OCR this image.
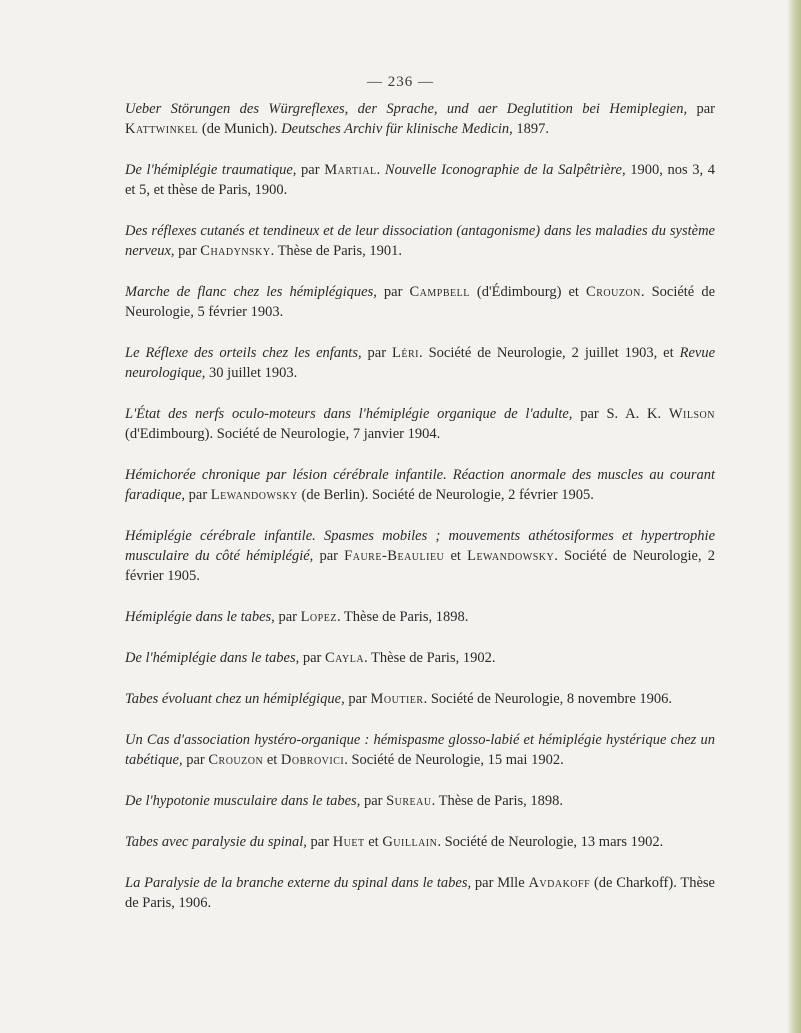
— 236 —

Ueber Störungen des Würgreflexes, der Sprache, und aer Deglutition bei Hemiplegien, par Kattwinkel (de Munich). Deutsches Archiv für klinische Medicin, 1897.

De l'hémiplégie traumatique, par Martial. Nouvelle Iconographie de la Salpêtrière, 1900, nos 3, 4 et 5, et thèse de Paris, 1900.

Des réflexes cutanés et tendineux et de leur dissociation (antagonisme) dans les maladies du système nerveux, par Chadynsky. Thèse de Paris, 1901.

Marche de flanc chez les hémiplégiques, par Campbell (d'Édimbourg) et Crouzon. Société de Neurologie, 5 février 1903.

Le Réflexe des orteils chez les enfants, par Léri. Société de Neurologie, 2 juillet 1903, et Revue neurologique, 30 juillet 1903.

L'État des nerfs oculo-moteurs dans l'hémiplégie organique de l'adulte, par S. A. K. Wilson (d'Edimbourg). Société de Neurologie, 7 janvier 1904.

Hémichorée chronique par lésion cérébrale infantile. Réaction anormale des muscles au courant faradique, par Lewandowsky (de Berlin). Société de Neurologie, 2 février 1905.

Hémiplégie cérébrale infantile. Spasmes mobiles ; mouvements athétosiformes et hypertrophie musculaire du côté hémiplégié, par Faure-Beaulieu et Lewandowsky. Société de Neurologie, 2 février 1905.

Hémiplégie dans le tabes, par Lopez. Thèse de Paris, 1898.

De l'hémiplégie dans le tabes, par Cayla. Thèse de Paris, 1902.

Tabes évoluant chez un hémiplégique, par Moutier. Société de Neurologie, 8 novembre 1906.

Un Cas d'association hystéro-organique : hémispasme glosso-labié et hémiplégie hystérique chez un tabétique, par Crouzon et Dobrovici. Société de Neurologie, 15 mai 1902.

De l'hypotonie musculaire dans le tabes, par Sureau. Thèse de Paris, 1898.

Tabes avec paralysie du spinal, par Huet et Guillain. Société de Neurologie, 13 mars 1902.

La Paralysie de la branche externe du spinal dans le tabes, par Mlle Avdakoff (de Charkoff). Thèse de Paris, 1906.
